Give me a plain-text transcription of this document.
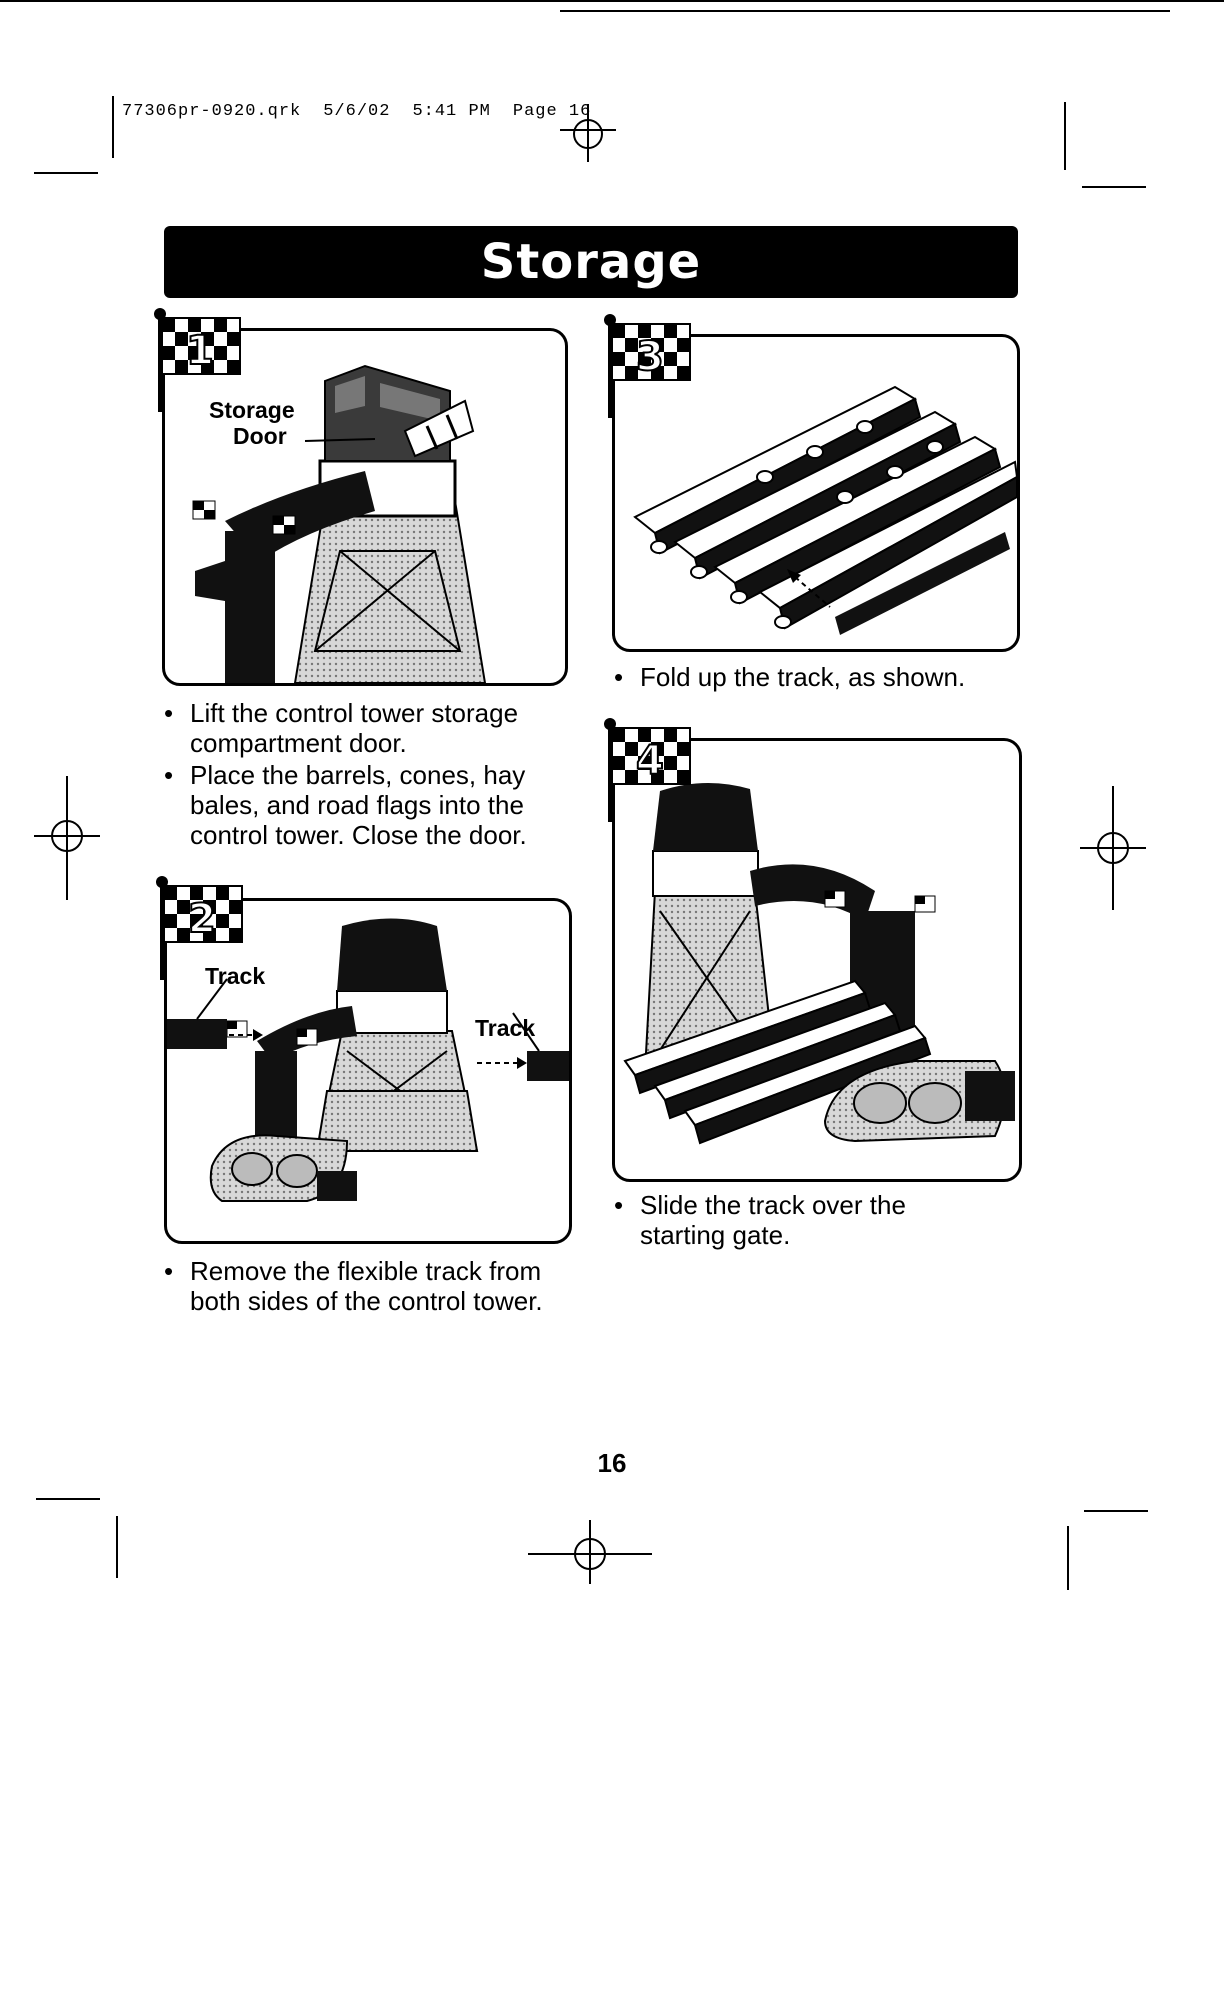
77306pr-0920.qrk 5/6/02 5:41 PM Page 16
Storage
Storage
Door
1
• Lift the control tower storage compartment door.
• Place the barrels, cones, hay bales, and road flags into the control tower. Close the door.
Track
Track
2
• Remove the flexible track from both sides of the control tower.
3
• Fold up the track, as shown.
4
• Slide the track over the starting gate.
16
